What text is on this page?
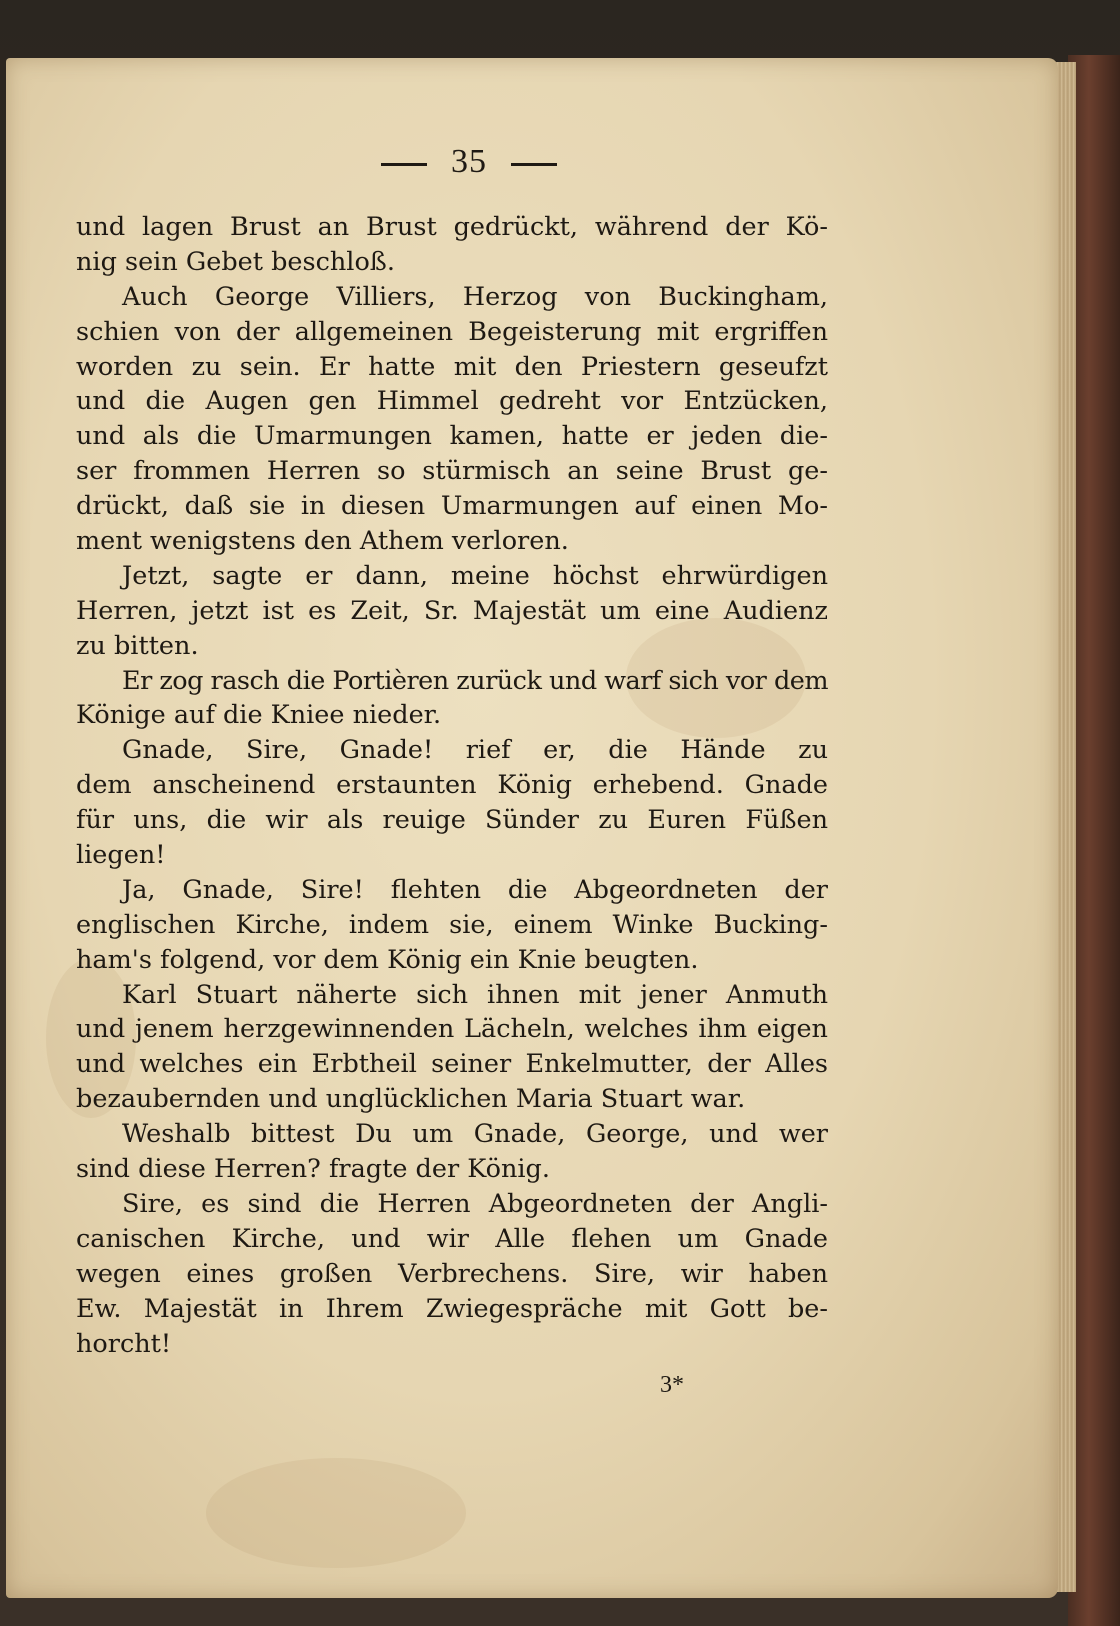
35
und lagen Brust an Brust gedrückt, während der Kö-
nig sein Gebet beschloß.
Auch George Villiers, Herzog von Buckingham,
schien von der allgemeinen Begeisterung mit ergriffen
worden zu sein. Er hatte mit den Priestern geseufzt
und die Augen gen Himmel gedreht vor Entzücken,
und als die Umarmungen kamen, hatte er jeden die-
ser frommen Herren so stürmisch an seine Brust ge-
drückt, daß sie in diesen Umarmungen auf einen Mo-
ment wenigstens den Athem verloren.
Jetzt, sagte er dann, meine höchst ehrwürdigen
Herren, jetzt ist es Zeit, Sr. Majestät um eine Audienz
zu bitten.
Er zog rasch die Portièren zurück und warf sich vor dem
Könige auf die Kniee nieder.
Gnade, Sire, Gnade! rief er, die Hände zu
dem anscheinend erstaunten König erhebend. Gnade
für uns, die wir als reuige Sünder zu Euren Füßen
liegen!
Ja, Gnade, Sire! flehten die Abgeordneten der
englischen Kirche, indem sie, einem Winke Bucking-
ham's folgend, vor dem König ein Knie beugten.
Karl Stuart näherte sich ihnen mit jener Anmuth
und jenem herzgewinnenden Lächeln, welches ihm eigen
und welches ein Erbtheil seiner Enkelmutter, der Alles
bezaubernden und unglücklichen Maria Stuart war.
Weshalb bittest Du um Gnade, George, und wer
sind diese Herren? fragte der König.
Sire, es sind die Herren Abgeordneten der Angli-
canischen Kirche, und wir Alle flehen um Gnade
wegen eines großen Verbrechens. Sire, wir haben
Ew. Majestät in Ihrem Zwiegespräche mit Gott be-
horcht!
3*
